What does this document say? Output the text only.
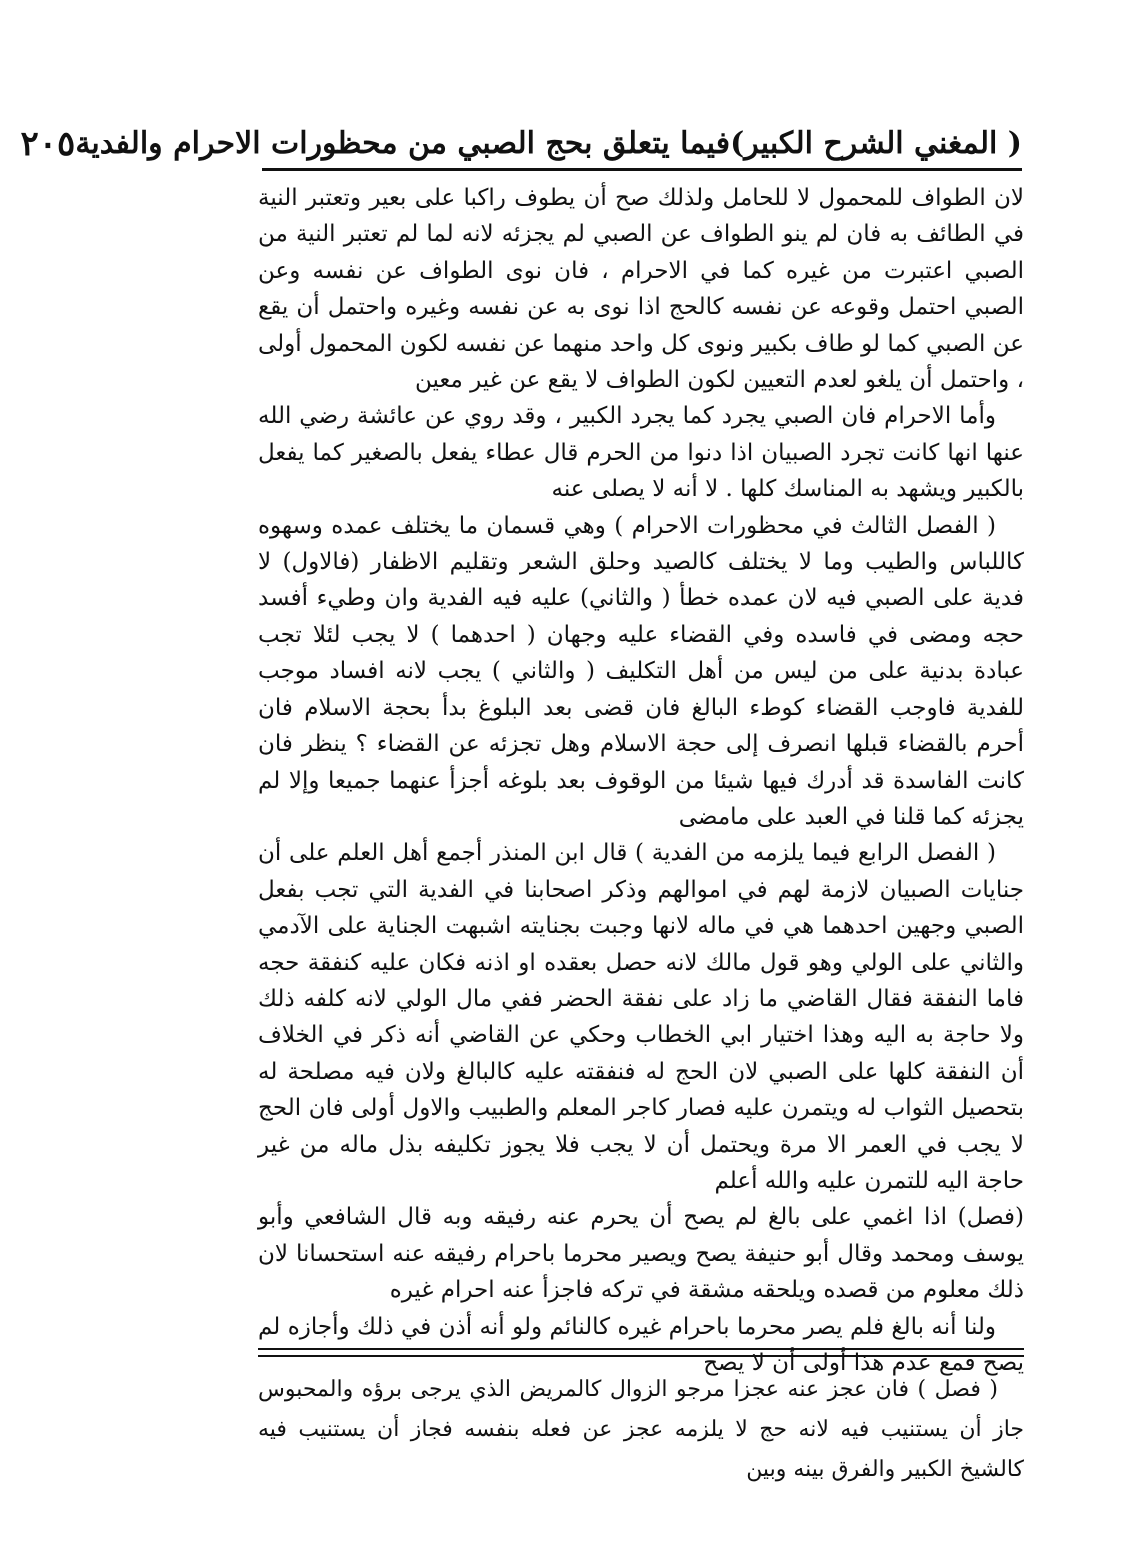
( المغني الشرح الكبير)
فيما يتعلق بحج الصبي من محظورات الاحرام والفدية
٢٠٥

لان الطواف للمحمول لا للحامل ولذلك صح أن يطوف راكبا على بعير وتعتبر النية في الطائف به فان لم ينو الطواف عن الصبي لم يجزئه لانه لما لم تعتبر النية من الصبي اعتبرت من غيره كما في الاحرام ، فان نوى الطواف عن نفسه وعن الصبي احتمل وقوعه عن نفسه كالحج اذا نوى به عن نفسه وغيره واحتمل أن يقع عن الصبي كما لو طاف بكبير ونوى كل واحد منهما عن نفسه لكون المحمول أولى ، واحتمل أن يلغو لعدم التعيين لكون الطواف لا يقع عن غير معين

وأما الاحرام فان الصبي يجرد كما يجرد الكبير ، وقد روي عن عائشة رضي الله عنها انها كانت تجرد الصبيان اذا دنوا من الحرم قال عطاء يفعل بالصغير كما يفعل بالكبير ويشهد به المناسك كلها . لا أنه لا يصلى عنه

( الفصل الثالث في محظورات الاحرام ) وهي قسمان ما يختلف عمده وسهوه كاللباس والطيب وما لا يختلف كالصيد وحلق الشعر وتقليم الاظفار (فالاول) لا فدية على الصبي فيه لان عمده خطأ ( والثاني) عليه فيه الفدية وان وطيء أفسد حجه ومضى في فاسده وفي القضاء عليه وجهان ( احدهما ) لا يجب لئلا تجب عبادة بدنية على من ليس من أهل التكليف ( والثاني ) يجب لانه افساد موجب للفدية فاوجب القضاء كوطء البالغ فان قضى بعد البلوغ بدأ بحجة الاسلام فان أحرم بالقضاء قبلها انصرف إلى حجة الاسلام وهل تجزئه عن القضاء ؟ ينظر فان كانت الفاسدة قد أدرك فيها شيئا من الوقوف بعد بلوغه أجزأ عنهما جميعا وإلا لم يجزئه كما قلنا في العبد على مامضى

( الفصل الرابع فيما يلزمه من الفدية ) قال ابن المنذر أجمع أهل العلم على أن جنايات الصبيان لازمة لهم في اموالهم وذكر اصحابنا في الفدية التي تجب بفعل الصبي وجهين احدهما هي في ماله لانها وجبت بجنايته اشبهت الجناية على الآدمي والثاني على الولي وهو قول مالك لانه حصل بعقده او اذنه فكان عليه كنفقة حجه فاما النفقة فقال القاضي ما زاد على نفقة الحضر ففي مال الولي لانه كلفه ذلك ولا حاجة به اليه وهذا اختيار ابي الخطاب وحكي عن القاضي أنه ذكر في الخلاف أن النفقة كلها على الصبي لان الحج له فنفقته عليه كالبالغ ولان فيه مصلحة له بتحصيل الثواب له ويتمرن عليه فصار كاجر المعلم والطبيب والاول أولى فان الحج لا يجب في العمر الا مرة ويحتمل أن لا يجب فلا يجوز تكليفه بذل ماله من غير حاجة اليه للتمرن عليه والله أعلم

(فصل) اذا اغمي على بالغ لم يصح أن يحرم عنه رفيقه وبه قال الشافعي وأبو يوسف ومحمد وقال أبو حنيفة يصح ويصير محرما باحرام رفيقه عنه استحسانا لان ذلك معلوم من قصده ويلحقه مشقة في تركه فاجزأ عنه احرام غيره

ولنا أنه بالغ فلم يصر محرما باحرام غيره كالنائم ولو أنه أذن في ذلك وأجازه لم يصح فمع عدم هذا أولى أن لا يصح

( فصل ) فان عجز عنه عجزا مرجو الزوال كالمريض الذي يرجى برؤه والمحبوس جاز أن يستنيب فيه لانه حج لا يلزمه عجز عن فعله بنفسه فجاز أن يستنيب فيه كالشيخ الكبير والفرق بينه وبين
